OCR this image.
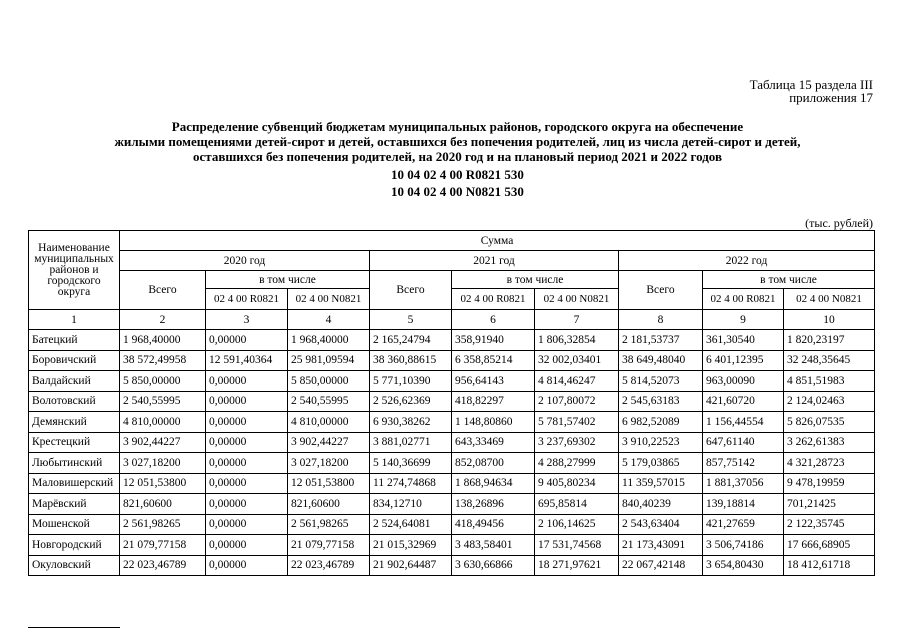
Таблица 15 раздела III
приложения 17
Распределение субвенций бюджетам муниципальных районов, городского округа на обеспечение
жилыми помещениями детей-сирот и детей, оставшихся без попечения родителей, лиц из числа детей-сирот и детей,
оставшихся без попечения родителей, на 2020 год и на плановый период 2021 и 2022 годов
10 04 02 4 00 R0821 530
10 04 02 4 00 N0821 530
(тыс. рублей)
Наименование муниципальных районов и городского округа	Сумма								
	2020 год			2021 год			2022 год		
	Всего	в том числе		Всего	в том числе		Всего	в том числе	
		02 4 00 R0821	02 4 00 N0821		02 4 00 R0821	02 4 00 N0821		02 4 00 R0821	02 4 00 N0821
1	2	3	4	5	6	7	8	9	10
Батецкий	1 968,40000	0,00000	1 968,40000	2 165,24794	358,91940	1 806,32854	2 181,53737	361,30540	1 820,23197
Боровичский	38 572,49958	12 591,40364	25 981,09594	38 360,88615	6 358,85214	32 002,03401	38 649,48040	6 401,12395	32 248,35645
Валдайский	5 850,00000	0,00000	5 850,00000	5 771,10390	956,64143	4 814,46247	5 814,52073	963,00090	4 851,51983
Волотовский	2 540,55995	0,00000	2 540,55995	2 526,62369	418,82297	2 107,80072	2 545,63183	421,60720	2 124,02463
Демянский	4 810,00000	0,00000	4 810,00000	6 930,38262	1 148,80860	5 781,57402	6 982,52089	1 156,44554	5 826,07535
Крестецкий	3 902,44227	0,00000	3 902,44227	3 881,02771	643,33469	3 237,69302	3 910,22523	647,61140	3 262,61383
Любытинский	3 027,18200	0,00000	3 027,18200	5 140,36699	852,08700	4 288,27999	5 179,03865	857,75142	4 321,28723
Маловишерский	12 051,53800	0,00000	12 051,53800	11 274,74868	1 868,94634	9 405,80234	11 359,57015	1 881,37056	9 478,19959
Марёвский	821,60600	0,00000	821,60600	834,12710	138,26896	695,85814	840,40239	139,18814	701,21425
Мошенской	2 561,98265	0,00000	2 561,98265	2 524,64081	418,49456	2 106,14625	2 543,63404	421,27659	2 122,35745
Новгородский	21 079,77158	0,00000	21 079,77158	21 015,32969	3 483,58401	17 531,74568	21 173,43091	3 506,74186	17 666,68905
Окуловский	22 023,46789	0,00000	22 023,46789	21 902,64487	3 630,66866	18 271,97621	22 067,42148	3 654,80430	18 412,61718
